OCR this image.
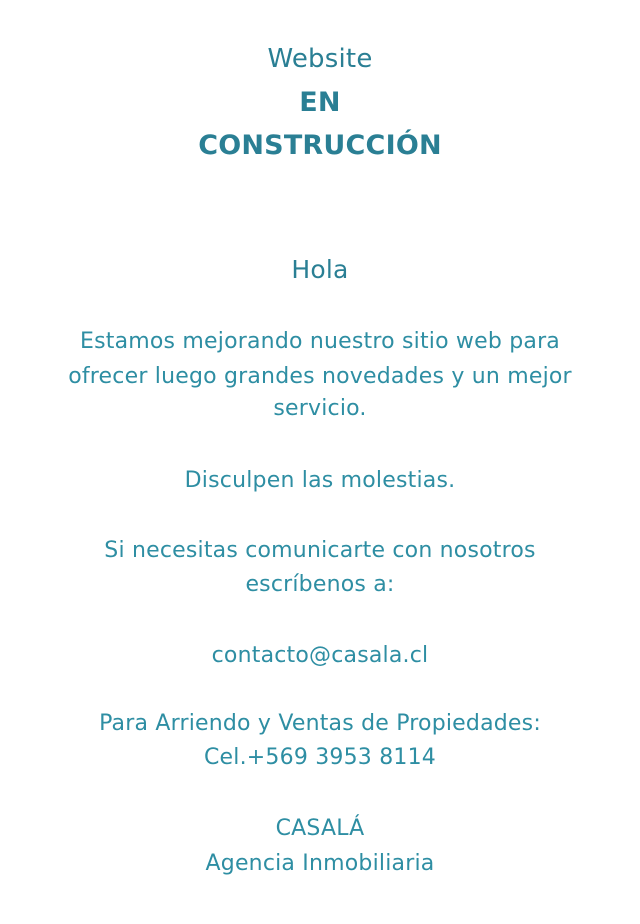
Website
EN
CONSTRUCCIÓN
Hola
Estamos mejorando nuestro sitio web para
ofrecer luego grandes novedades y un mejor
servicio.
Disculpen las molestias.
Si necesitas comunicarte con nosotros
escríbenos a:
contacto@casala.cl
Para Arriendo y Ventas de Propiedades:
Cel.+569 3953 8114
CASALÁ
Agencia Inmobiliaria
